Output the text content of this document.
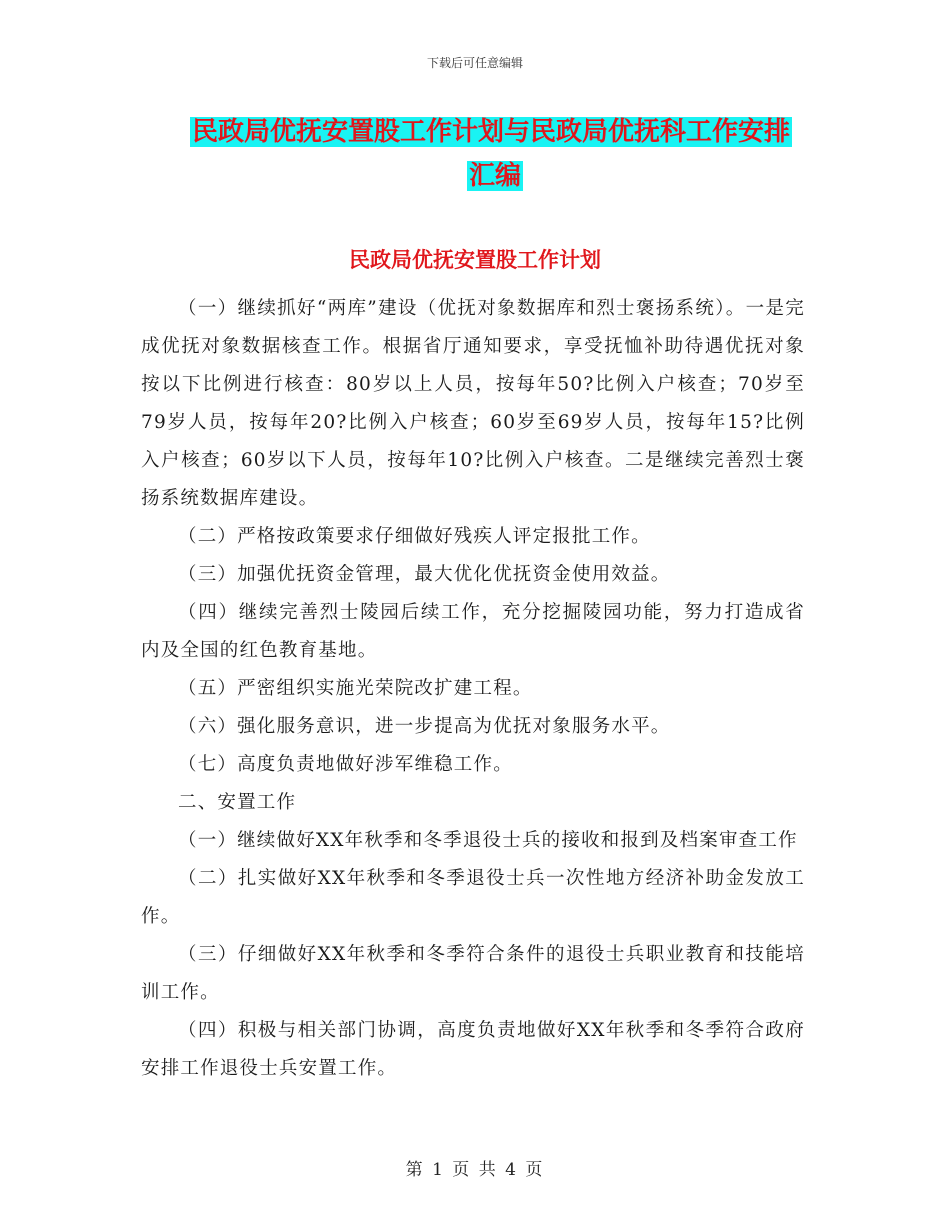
下载后可任意编辑
民政局优抚安置股工作计划与民政局优抚科工作安排
汇编
民政局优抚安置股工作计划

（一）继续抓好“两库”建设（优抚对象数据库和烈士褒扬系统）。一是完成优抚对象数据核查工作。根据省厅通知要求，享受抚恤补助待遇优抚对象按以下比例进行核查：80岁以上人员，按每年50?比例入户核查；70岁至79岁人员，按每年20?比例入户核查；60岁至69岁人员，按每年15?比例入户核查；60岁以下人员，按每年10?比例入户核查。二是继续完善烈士褒扬系统数据库建设。

（二）严格按政策要求仔细做好残疾人评定报批工作。

（三）加强优抚资金管理，最大优化优抚资金使用效益。

（四）继续完善烈士陵园后续工作，充分挖掘陵园功能，努力打造成省内及全国的红色教育基地。

（五）严密组织实施光荣院改扩建工程。

（六）强化服务意识，进一步提高为优抚对象服务水平。

（七）高度负责地做好涉军维稳工作。

二、安置工作

（一）继续做好XX年秋季和冬季退役士兵的接收和报到及档案审查工作

（二）扎实做好XX年秋季和冬季退役士兵一次性地方经济补助金发放工作。

（三）仔细做好XX年秋季和冬季符合条件的退役士兵职业教育和技能培训工作。

（四）积极与相关部门协调，高度负责地做好XX年秋季和冬季符合政府安排工作退役士兵安置工作。

第 1 页 共 4 页
